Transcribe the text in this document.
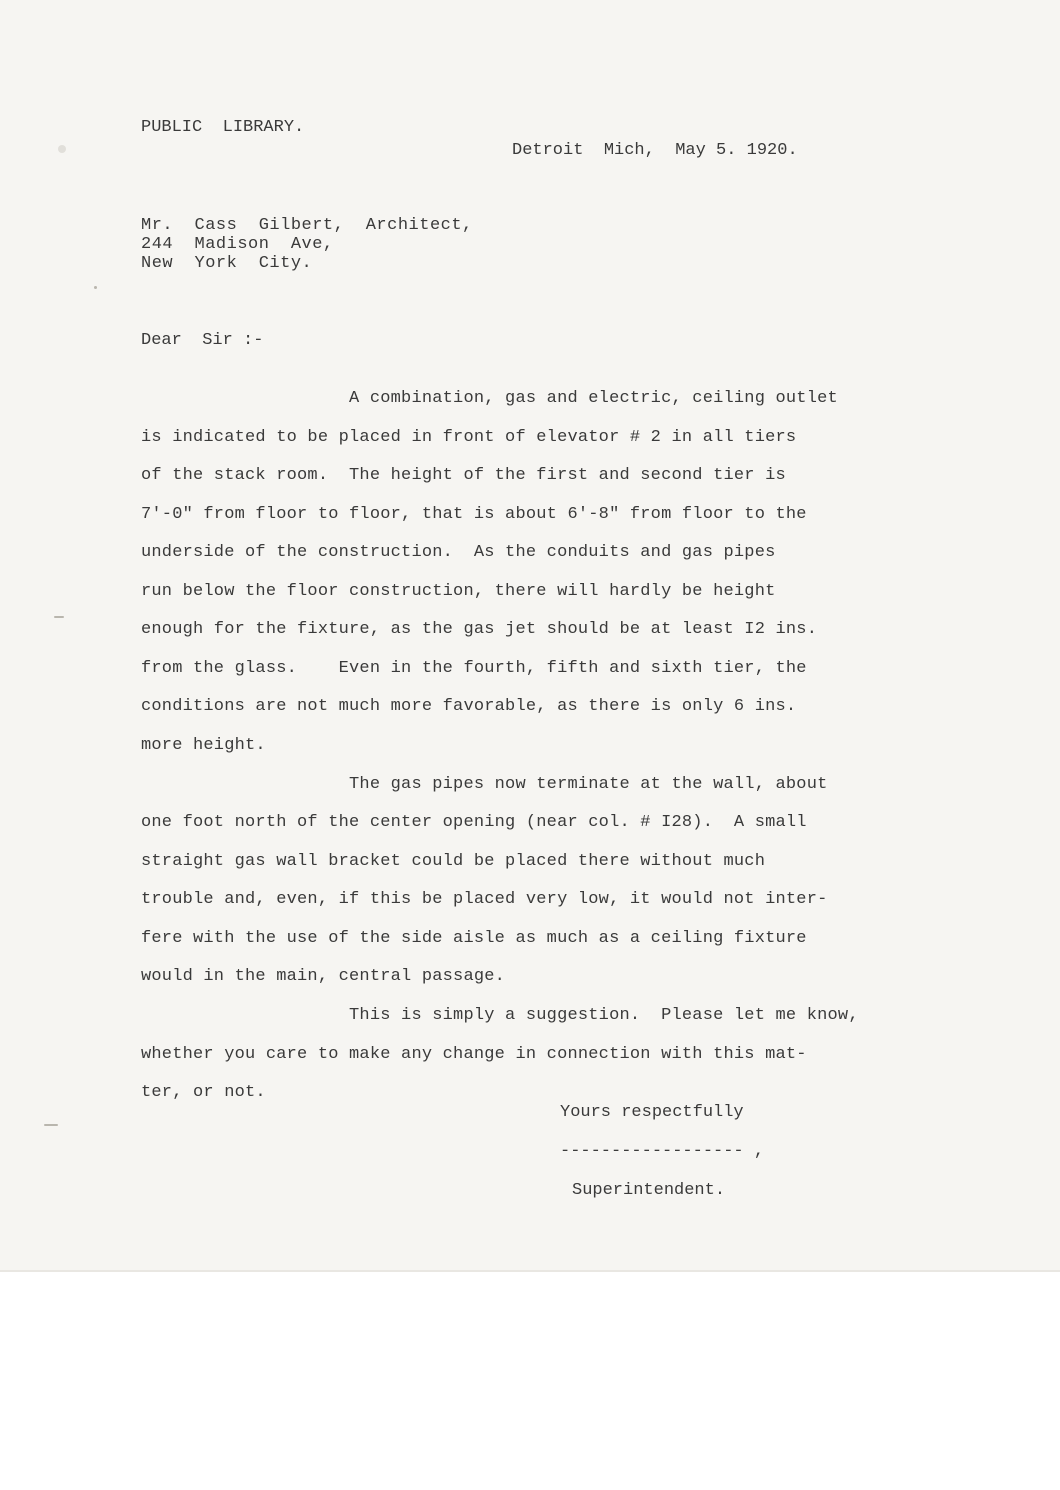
PUBLIC  LIBRARY.

Detroit  Mich,  May 5. 1920.

Mr.  Cass  Gilbert,  Architect,

244  Madison  Ave,

New  York  City.

Dear  Sir :-

A combination, gas and electric, ceiling outlet

is indicated to be placed in front of elevator # 2 in all tiers

of the stack room.  The height of the first and second tier is

7'-0" from floor to floor, that is about 6'-8" from floor to the

underside of the construction.  As the conduits and gas pipes

run below the floor construction, there will hardly be height

enough for the fixture, as the gas jet should be at least I2 ins.

from the glass.    Even in the fourth, fifth and sixth tier, the

conditions are not much more favorable, as there is only 6 ins.

more height.

The gas pipes now terminate at the wall, about

one foot north of the center opening (near col. # I28).  A small

straight gas wall bracket could be placed there without much

trouble and, even, if this be placed very low, it would not inter-

fere with the use of the side aisle as much as a ceiling fixture

would in the main, central passage.

This is simply a suggestion.  Please let me know,

whether you care to make any change in connection with this mat-

ter, or not.

Yours respectfully

------------------ ,

Superintendent.
